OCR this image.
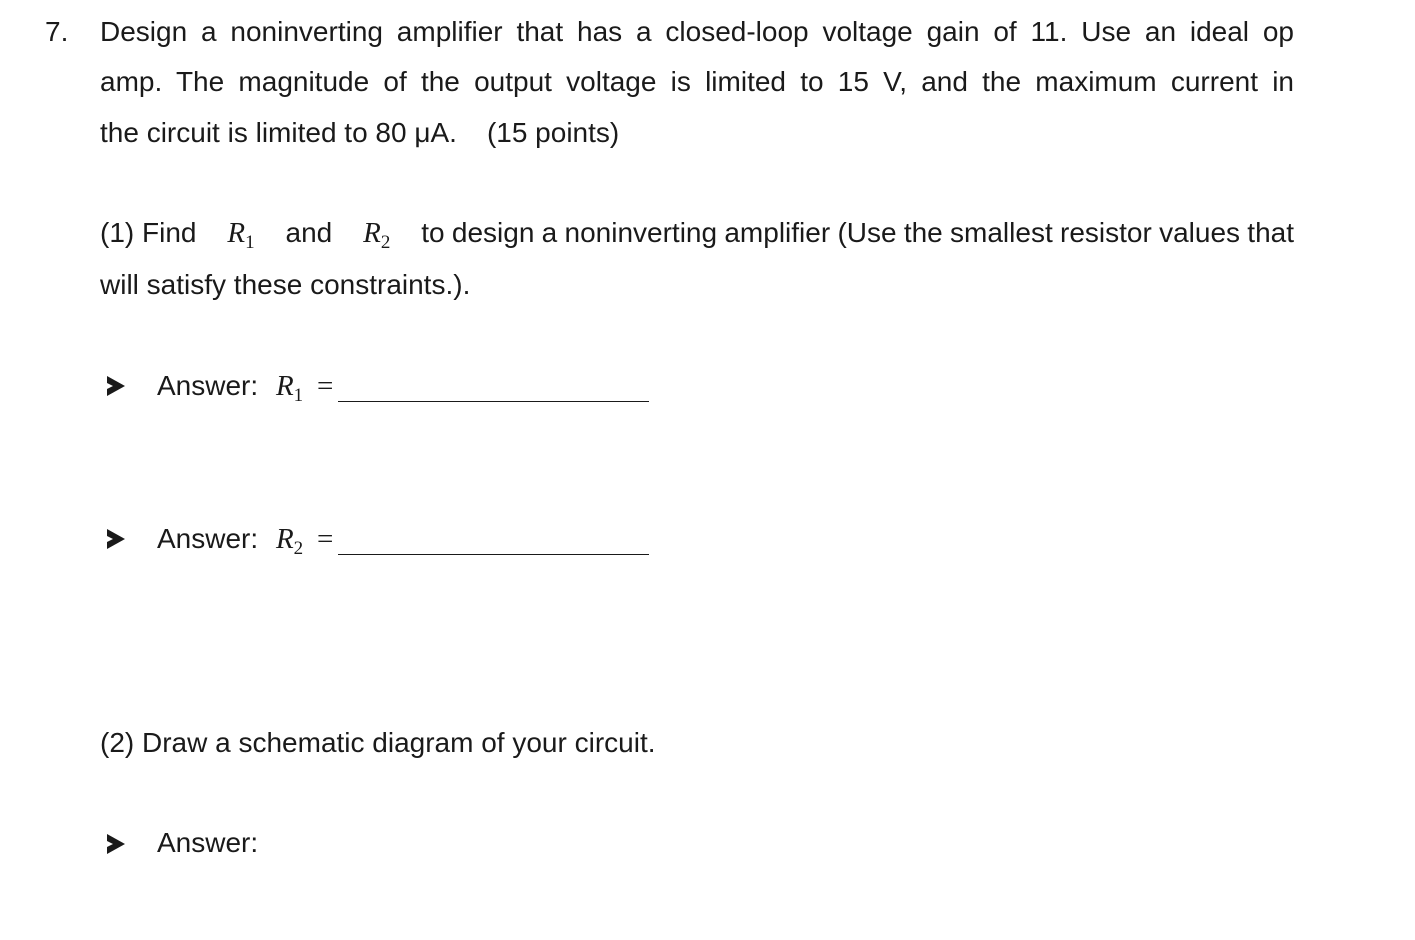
7. Design a noninverting amplifier that has a closed-loop voltage gain of 11. Use an ideal op
amp. The magnitude of the output voltage is limited to 15 V, and the maximum current in
the circuit is limited to 80 μA. (15 points)
(1) Find $R_1$ and $R_2$ to design a noninverting amplifier (Use the smallest resistor values that
will satisfy these constraints.).
Answer: $R_1$ =
Answer: $R_2$ =
(2) Draw a schematic diagram of your circuit.
Answer:
